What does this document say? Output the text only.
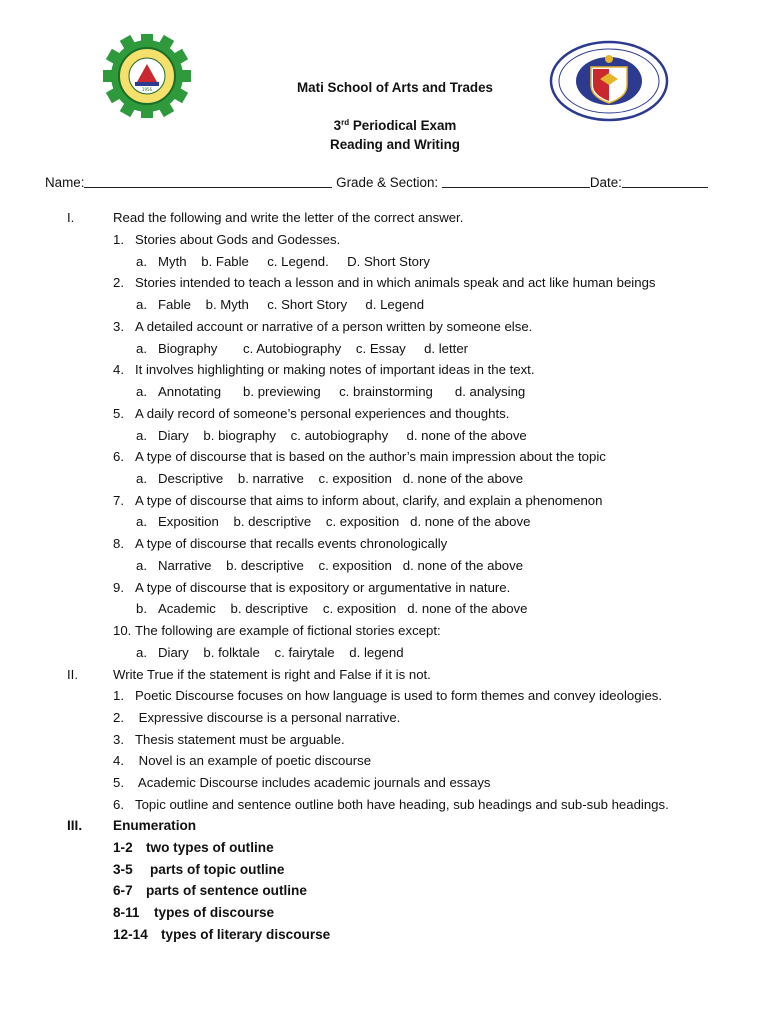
1956	Mati School of Arts and Trades
3rd Periodical Exam
Reading and Writing
Name:	Grade & Section:	Date:
I.	Read the following and write the letter of the correct answer.
1. Stories about Gods and Godesses.
a. Myth    b. Fable     c. Legend.     D. Short Story
2. Stories intended to teach a lesson and in which animals speak and act like human beings
a. Fable    b. Myth     c. Short Story     d. Legend
3. A detailed account or narrative of a person written by someone else.
a. Biography       c. Autobiography    c. Essay     d. letter
4. It involves highlighting or making notes of important ideas in the text.
a. Annotating      b. previewing     c. brainstorming      d. analysing
5. A daily record of someone’s personal experiences and thoughts.
a. Diary    b. biography    c. autobiography     d. none of the above
6. A type of discourse that is based on the author’s main impression about the topic
a. Descriptive    b. narrative    c. exposition   d. none of the above
7. A type of discourse that aims to inform about, clarify, and explain a phenomenon
a. Exposition    b. descriptive    c. exposition   d. none of the above
8. A type of discourse that recalls events chronologically
a. Narrative    b. descriptive    c. exposition   d. none of the above
9. A type of discourse that is expository or argumentative in nature.
b. Academic    b. descriptive    c. exposition   d. none of the above
10. The following are example of fictional stories except:
a. Diary    b. folktale    c. fairytale    d. legend
II.	Write True if the statement is right and False if it is not.
1. Poetic Discourse focuses on how language is used to form themes and convey ideologies.
2. Expressive discourse is a personal narrative.
3. Thesis statement must be arguable.
4. Novel is an example of poetic discourse
5. Academic Discourse includes academic journals and essays
6. Topic outline and sentence outline both have heading, sub headings and sub-sub headings.
III. Enumeration
1-2 two types of outline
3-5 parts of topic outline
6-7 parts of sentence outline
8-11 types of discourse
12-14 types of literary discourse
